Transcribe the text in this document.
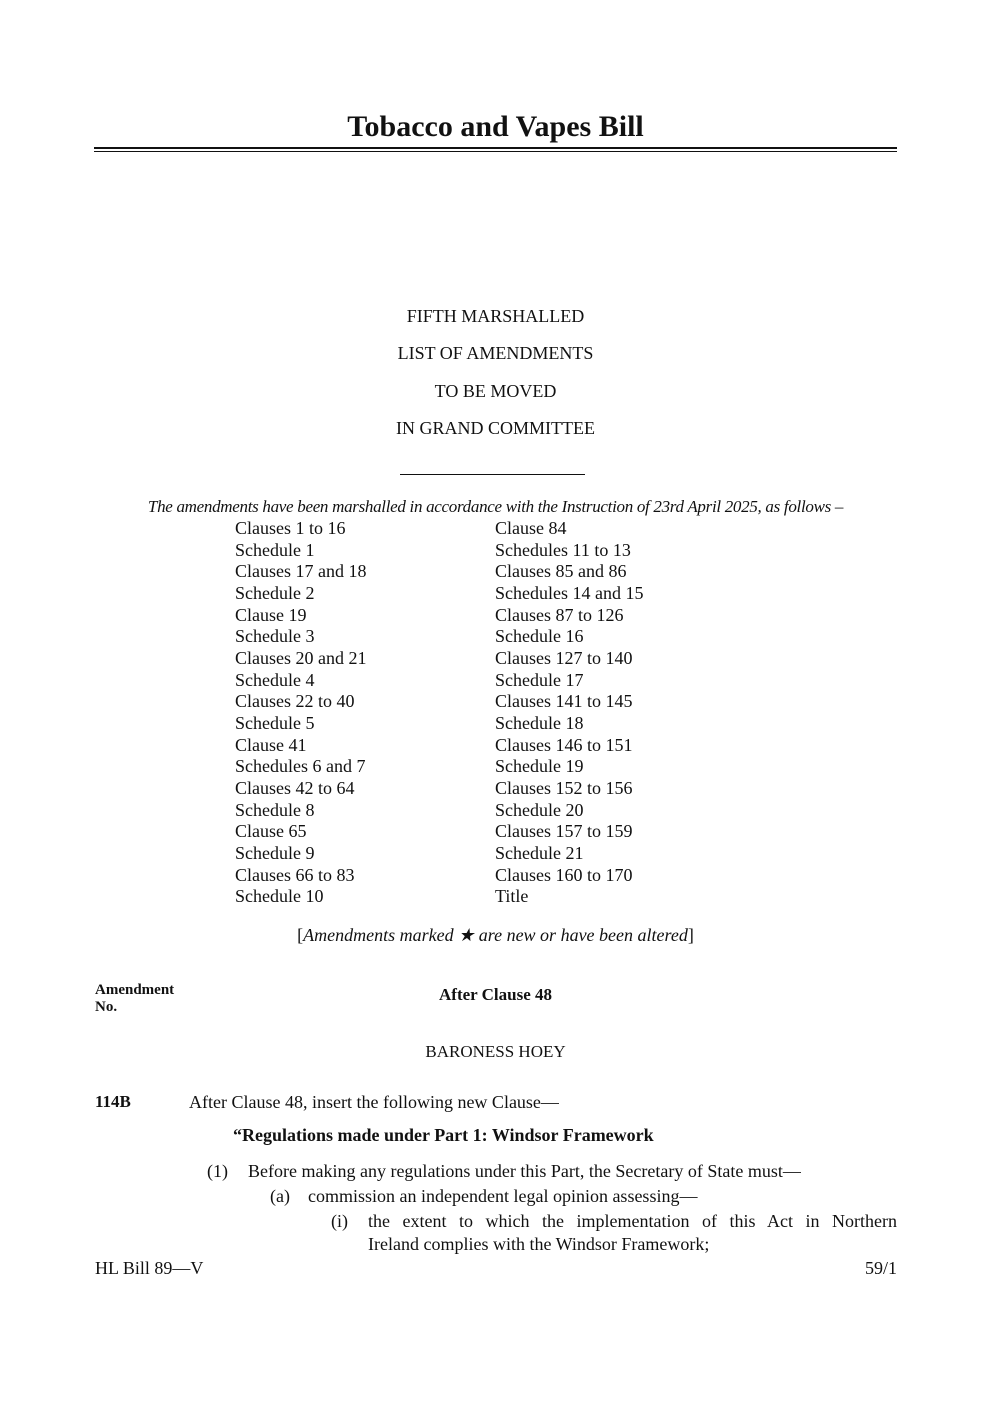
Tobacco and Vapes Bill
FIFTH MARSHALLED
LIST OF AMENDMENTS
TO BE MOVED
IN GRAND COMMITTEE
The amendments have been marshalled in accordance with the Instruction of 23rd April 2025, as follows –
Clauses 1 to 16
Schedule 1
Clauses 17 and 18
Schedule 2
Clause 19
Schedule 3
Clauses 20 and 21
Schedule 4
Clauses 22 to 40
Schedule 5
Clause 41
Schedules 6 and 7
Clauses 42 to 64
Schedule 8
Clause 65
Schedule 9
Clauses 66 to 83
Schedule 10
Clause 84
Schedules 11 to 13
Clauses 85 and 86
Schedules 14 and 15
Clauses 87 to 126
Schedule 16
Clauses 127 to 140
Schedule 17
Clauses 141 to 145
Schedule 18
Clauses 146 to 151
Schedule 19
Clauses 152 to 156
Schedule 20
Clauses 157 to 159
Schedule 21
Clauses 160 to 170
Title
[Amendments marked ★ are new or have been altered]
Amendment
No.
After Clause 48
BARONESS HOEY
114B	After Clause 48, insert the following new Clause—
“Regulations made under Part 1: Windsor Framework
(1) Before making any regulations under this Part, the Secretary of State must—
(a) commission an independent legal opinion assessing—
(i) the extent to which the implementation of this Act in Northern
Ireland complies with the Windsor Framework;
HL Bill 89—V	59/1
